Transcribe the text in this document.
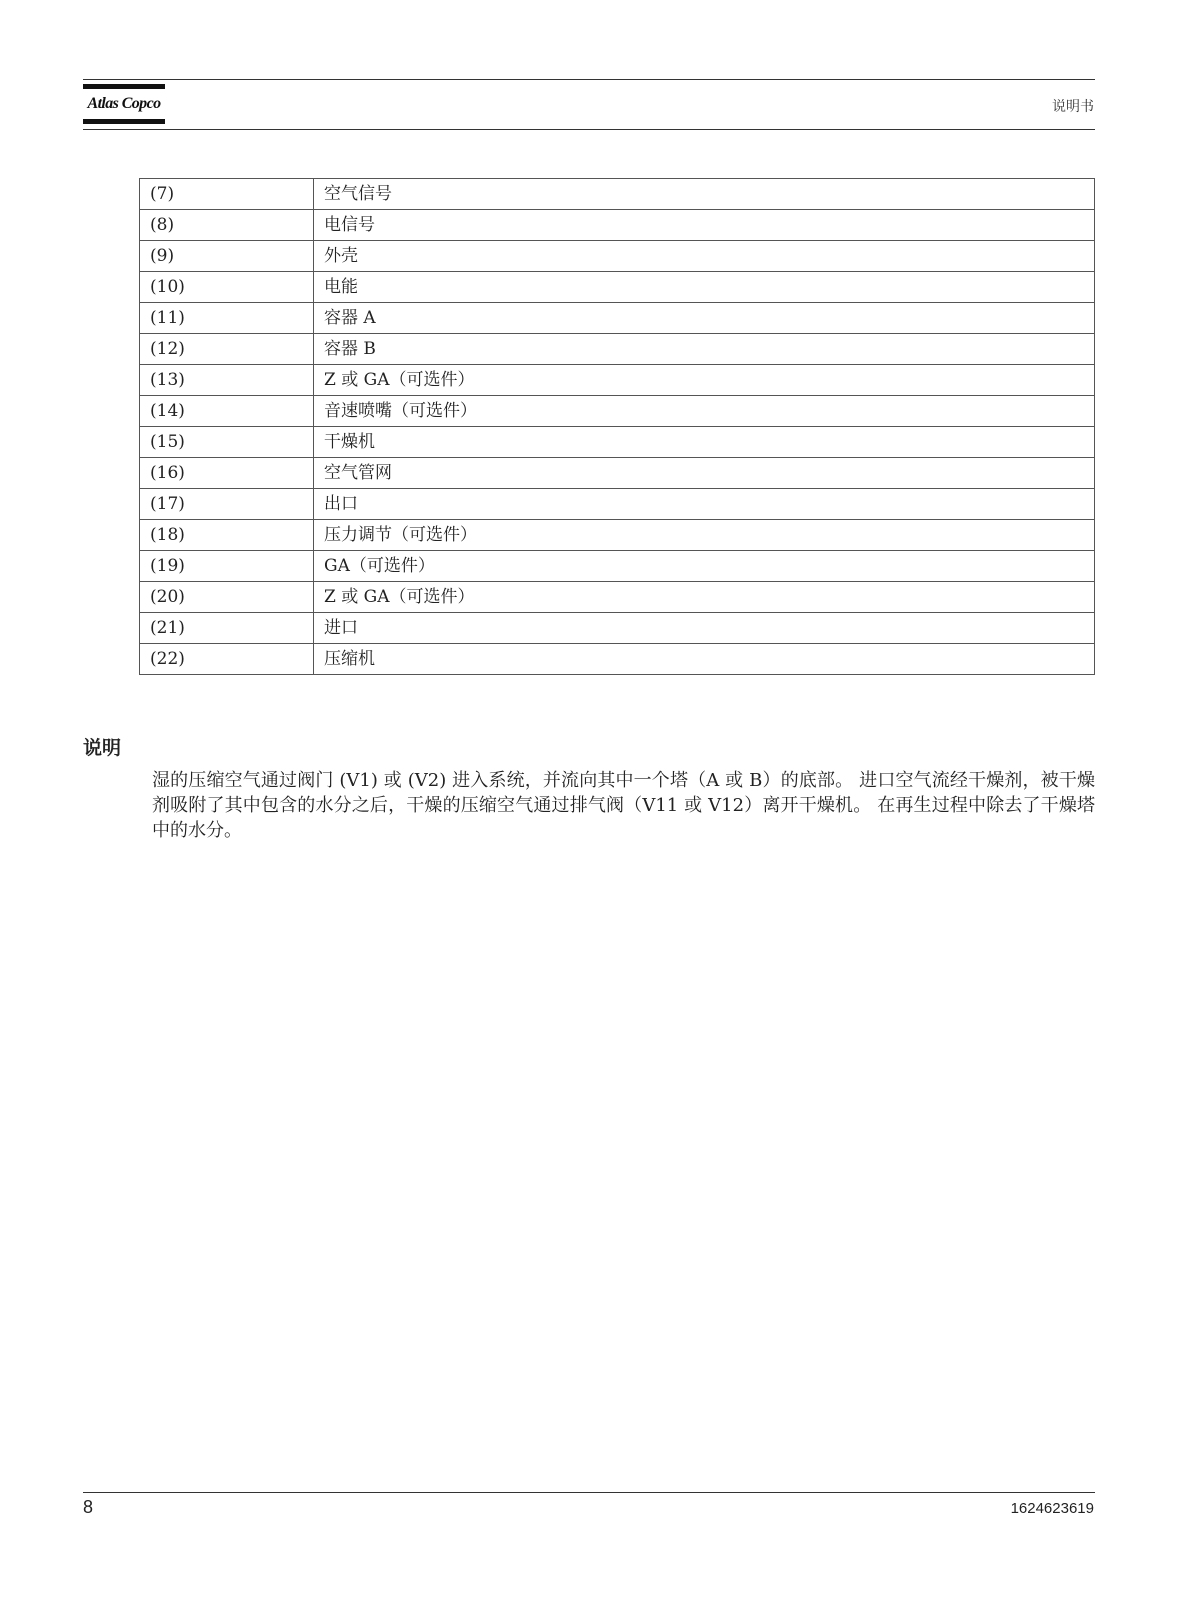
Atlas Copco	说明书
(7)	空气信号
(8)	电信号
(9)	外壳
(10)	电能
(11)	容器 A
(12)	容器 B
(13)	Z 或 GA（可选件）
(14)	音速喷嘴（可选件）
(15)	干燥机
(16)	空气管网
(17)	出口
(18)	压力调节（可选件）
(19)	GA（可选件）
(20)	Z 或 GA（可选件）
(21)	进口
(22)	压缩机
说明
湿的压缩空气通过阀门 (V1) 或 (V2) 进入系统，并流向其中一个塔（A 或 B）的底部。 进口空气流经干燥剂，被干燥剂吸附了其中包含的水分之后，干燥的压缩空气通过排气阀（V11 或 V12）离开干燥机。 在再生过程中除去了干燥塔中的水分。
8	1624623619
